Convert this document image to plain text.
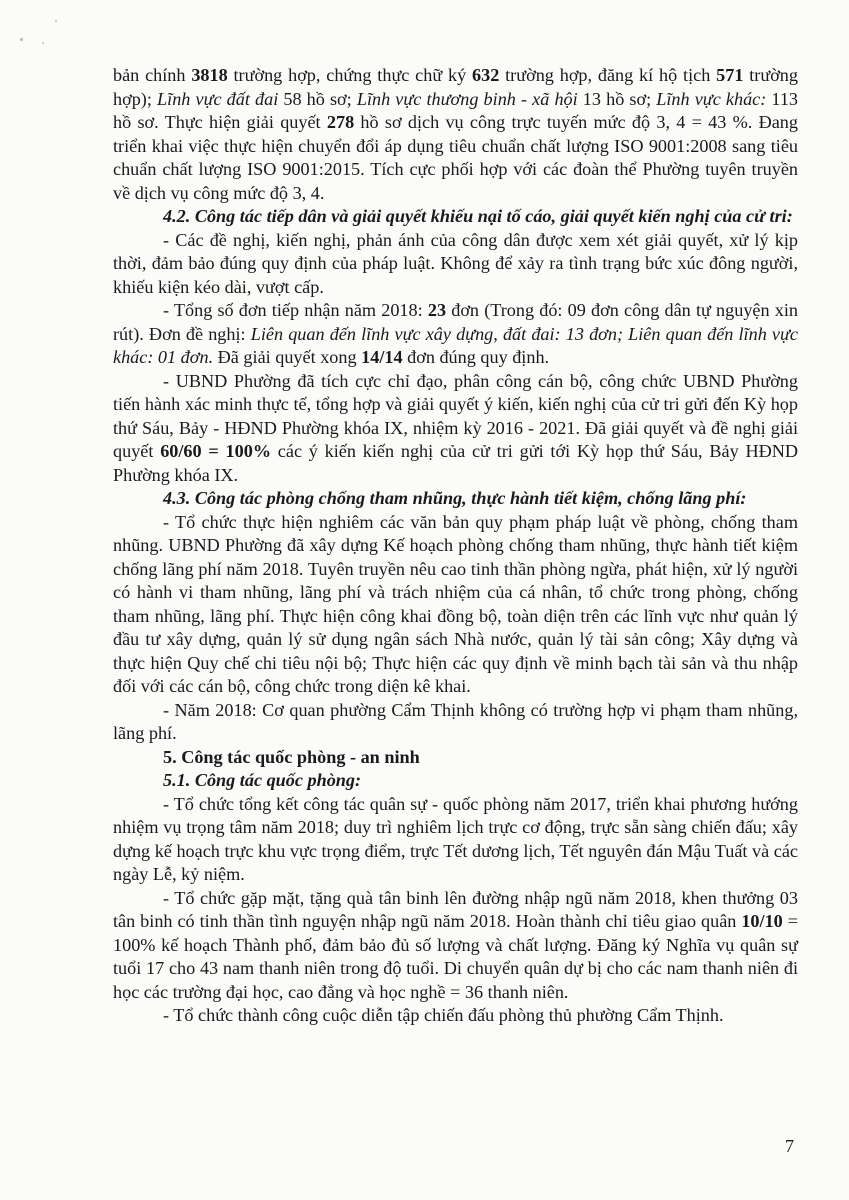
bản chính 3818 trường hợp, chứng thực chữ ký 632 trường hợp, đăng kí hộ tịch 571 trường hợp); Lĩnh vực đất đai 58 hồ sơ; Lĩnh vực thương binh - xã hội 13 hồ sơ; Lĩnh vực khác: 113 hồ sơ. Thực hiện giải quyết 278 hồ sơ dịch vụ công trực tuyến mức độ 3, 4 = 43 %. Đang triển khai việc thực hiện chuyển đổi áp dụng tiêu chuẩn chất lượng ISO 9001:2008 sang tiêu chuẩn chất lượng ISO 9001:2015. Tích cực phối hợp với các đoàn thể Phường tuyên truyền về dịch vụ công mức độ 3, 4.

4.2. Công tác tiếp dân và giải quyết khiếu nại tố cáo, giải quyết kiến nghị của cử tri:

- Các đề nghị, kiến nghị, phản ánh của công dân được xem xét giải quyết, xử lý kịp thời, đảm bảo đúng quy định của pháp luật. Không để xảy ra tình trạng bức xúc đông người, khiếu kiện kéo dài, vượt cấp.

- Tổng số đơn tiếp nhận năm 2018: 23 đơn (Trong đó: 09 đơn công dân tự nguyện xin rút). Đơn đề nghị: Liên quan đến lĩnh vực xây dựng, đất đai: 13 đơn; Liên quan đến lĩnh vực khác: 01 đơn. Đã giải quyết xong 14/14 đơn đúng quy định.

- UBND Phường đã tích cực chỉ đạo, phân công cán bộ, công chức UBND Phường tiến hành xác minh thực tế, tổng hợp và giải quyết ý kiến, kiến nghị của cử tri gửi đến Kỳ họp thứ Sáu, Bảy - HĐND Phường khóa IX, nhiệm kỳ 2016 - 2021. Đã giải quyết và đề nghị giải quyết 60/60 = 100% các ý kiến kiến nghị của cử tri gửi tới Kỳ họp thứ Sáu, Bảy HĐND Phường khóa IX.

4.3. Công tác phòng chống tham nhũng, thực hành tiết kiệm, chống lãng phí:

- Tổ chức thực hiện nghiêm các văn bản quy phạm pháp luật về phòng, chống tham nhũng. UBND Phường đã xây dựng Kế hoạch phòng chống tham nhũng, thực hành tiết kiệm chống lãng phí năm 2018. Tuyên truyền nêu cao tinh thần phòng ngừa, phát hiện, xử lý người có hành vi tham nhũng, lãng phí và trách nhiệm của cá nhân, tổ chức trong phòng, chống tham nhũng, lãng phí. Thực hiện công khai đồng bộ, toàn diện trên các lĩnh vực như quản lý đầu tư xây dựng, quản lý sử dụng ngân sách Nhà nước, quản lý tài sản công; Xây dựng và thực hiện Quy chế chi tiêu nội bộ; Thực hiện các quy định về minh bạch tài sản và thu nhập đối với các cán bộ, công chức trong diện kê khai.

- Năm 2018: Cơ quan phường Cẩm Thịnh không có trường hợp vi phạm tham nhũng, lãng phí.

5. Công tác quốc phòng - an ninh

5.1. Công tác quốc phòng:

- Tổ chức tổng kết công tác quân sự - quốc phòng năm 2017, triển khai phương hướng nhiệm vụ trọng tâm năm 2018; duy trì nghiêm lịch trực cơ động, trực sẵn sàng chiến đấu; xây dựng kế hoạch trực khu vực trọng điểm, trực Tết dương lịch, Tết nguyên đán Mậu Tuất và các ngày Lễ, kỷ niệm.

- Tổ chức gặp mặt, tặng quà tân binh lên đường nhập ngũ năm 2018, khen thưởng 03 tân binh có tinh thần tình nguyện nhập ngũ năm 2018. Hoàn thành chỉ tiêu giao quân 10/10 = 100% kế hoạch Thành phố, đảm bảo đủ số lượng và chất lượng. Đăng ký Nghĩa vụ quân sự tuổi 17 cho 43 nam thanh niên trong độ tuổi. Di chuyển quân dự bị cho các nam thanh niên đi học các trường đại học, cao đẳng và học nghề = 36 thanh niên.

- Tổ chức thành công cuộc diễn tập chiến đấu phòng thủ phường Cẩm Thịnh.

7
